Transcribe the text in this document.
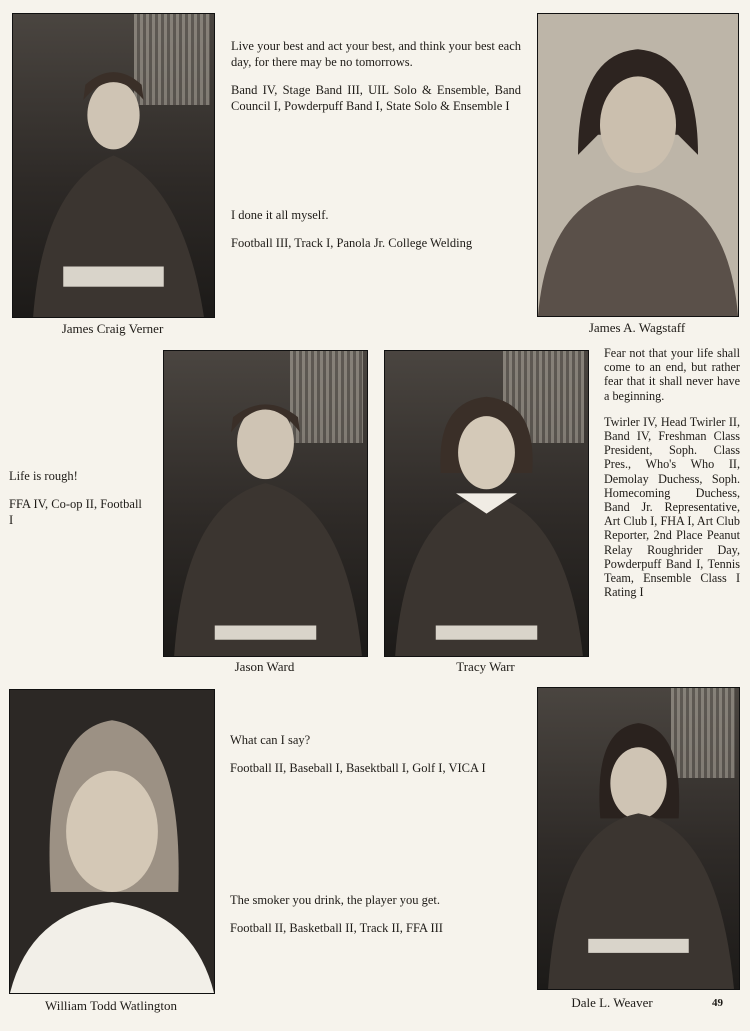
Live your best and act your best, and think your best each day, for there may be no tomorrows.

Band IV, Stage Band III, UIL Solo & Ensemble, Band Council I, Powderpuff Band I, State Solo & Ensemble I

I done it all myself.

Football III, Track I, Panola Jr. College Welding

James Craig Verner	James A. Wagstaff

Life is rough!

FFA IV, Co-op II, Football I

Fear not that your life shall come to an end, but rather fear that it shall never have a beginning.

Twirler IV, Head Twirler II, Band IV, Freshman Class President, Soph. Class Pres., Who's Who II, Demolay Duchess, Soph. Homecoming Duchess, Band Jr. Representative, Art Club I, FHA I, Art Club Reporter, 2nd Place Peanut Relay Roughrider Day, Powderpuff Band I, Tennis Team, Ensemble Class I Rating I

Jason Ward	Tracy Warr

What can I say?

Football II, Baseball I, Basektball I, Golf I, VICA I

The smoker you drink, the player you get.

Football II, Basketball II, Track II, FFA III

William Todd Watlington	Dale L. Weaver	49
